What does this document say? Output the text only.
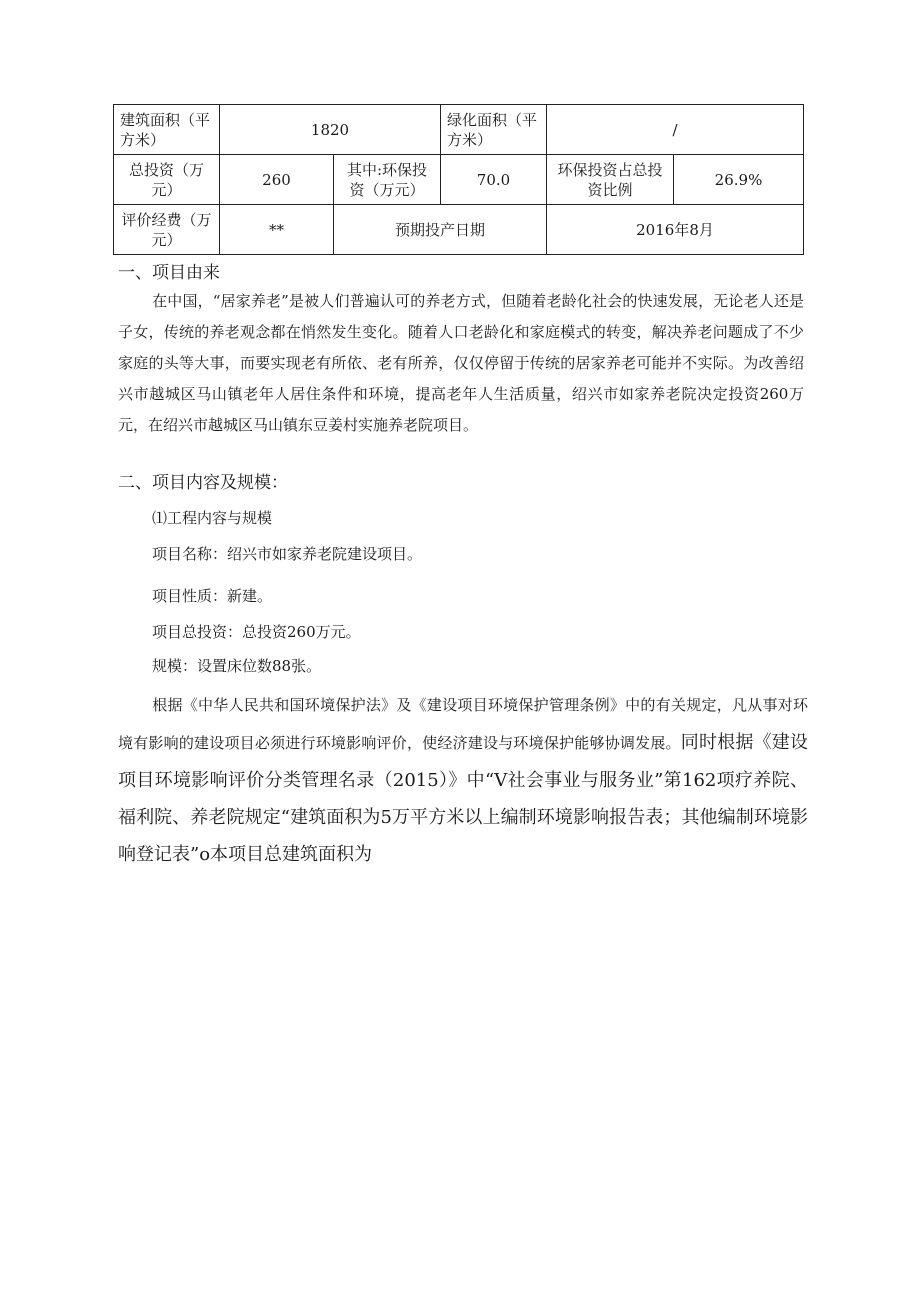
建筑面积（平方米）	1820		绿化面积（平方米）	/	
总投资（万元）	260	其中:环保投资（万元）	70.0	环保投资占总投资比例	26.9%
评价经费（万元）	**	预期投产日期		2016年8月	
一、项目由来
在中国，“居家养老”是被人们普遍认可的养老方式，但随着老龄化社会的快速发展，无论老人还是子女，传统的养老观念都在悄然发生变化。随着人口老龄化和家庭模式的转变，解决养老问题成了不少家庭的头等大事，而要实现老有所依、老有所养，仅仅停留于传统的居家养老可能并不实际。为改善绍兴市越城区马山镇老年人居住条件和环境，提高老年人生活质量，绍兴市如家养老院决定投资260万元，在绍兴市越城区马山镇东豆姜村实施养老院项目。
二、项目内容及规模：
⑴工程内容与规模
项目名称：绍兴市如家养老院建设项目。
项目性质：新建。
项目总投资：总投资260万元。
规模：设置床位数88张。
根据《中华人民共和国环境保护法》及《建设项目环境保护管理条例》中的有关规定，凡从事对环境有影响的建设项目必须进行环境影响评价，使经济建设与环境保护能够协调发展。同时根据《建设项目环境影响评价分类管理名录（2015）》中“V社会事业与服务业”第162项疗养院、福利院、养老院规定“建筑面积为5万平方米以上编制环境影响报告表；其他编制环境影响登记表”o本项目总建筑面积为
